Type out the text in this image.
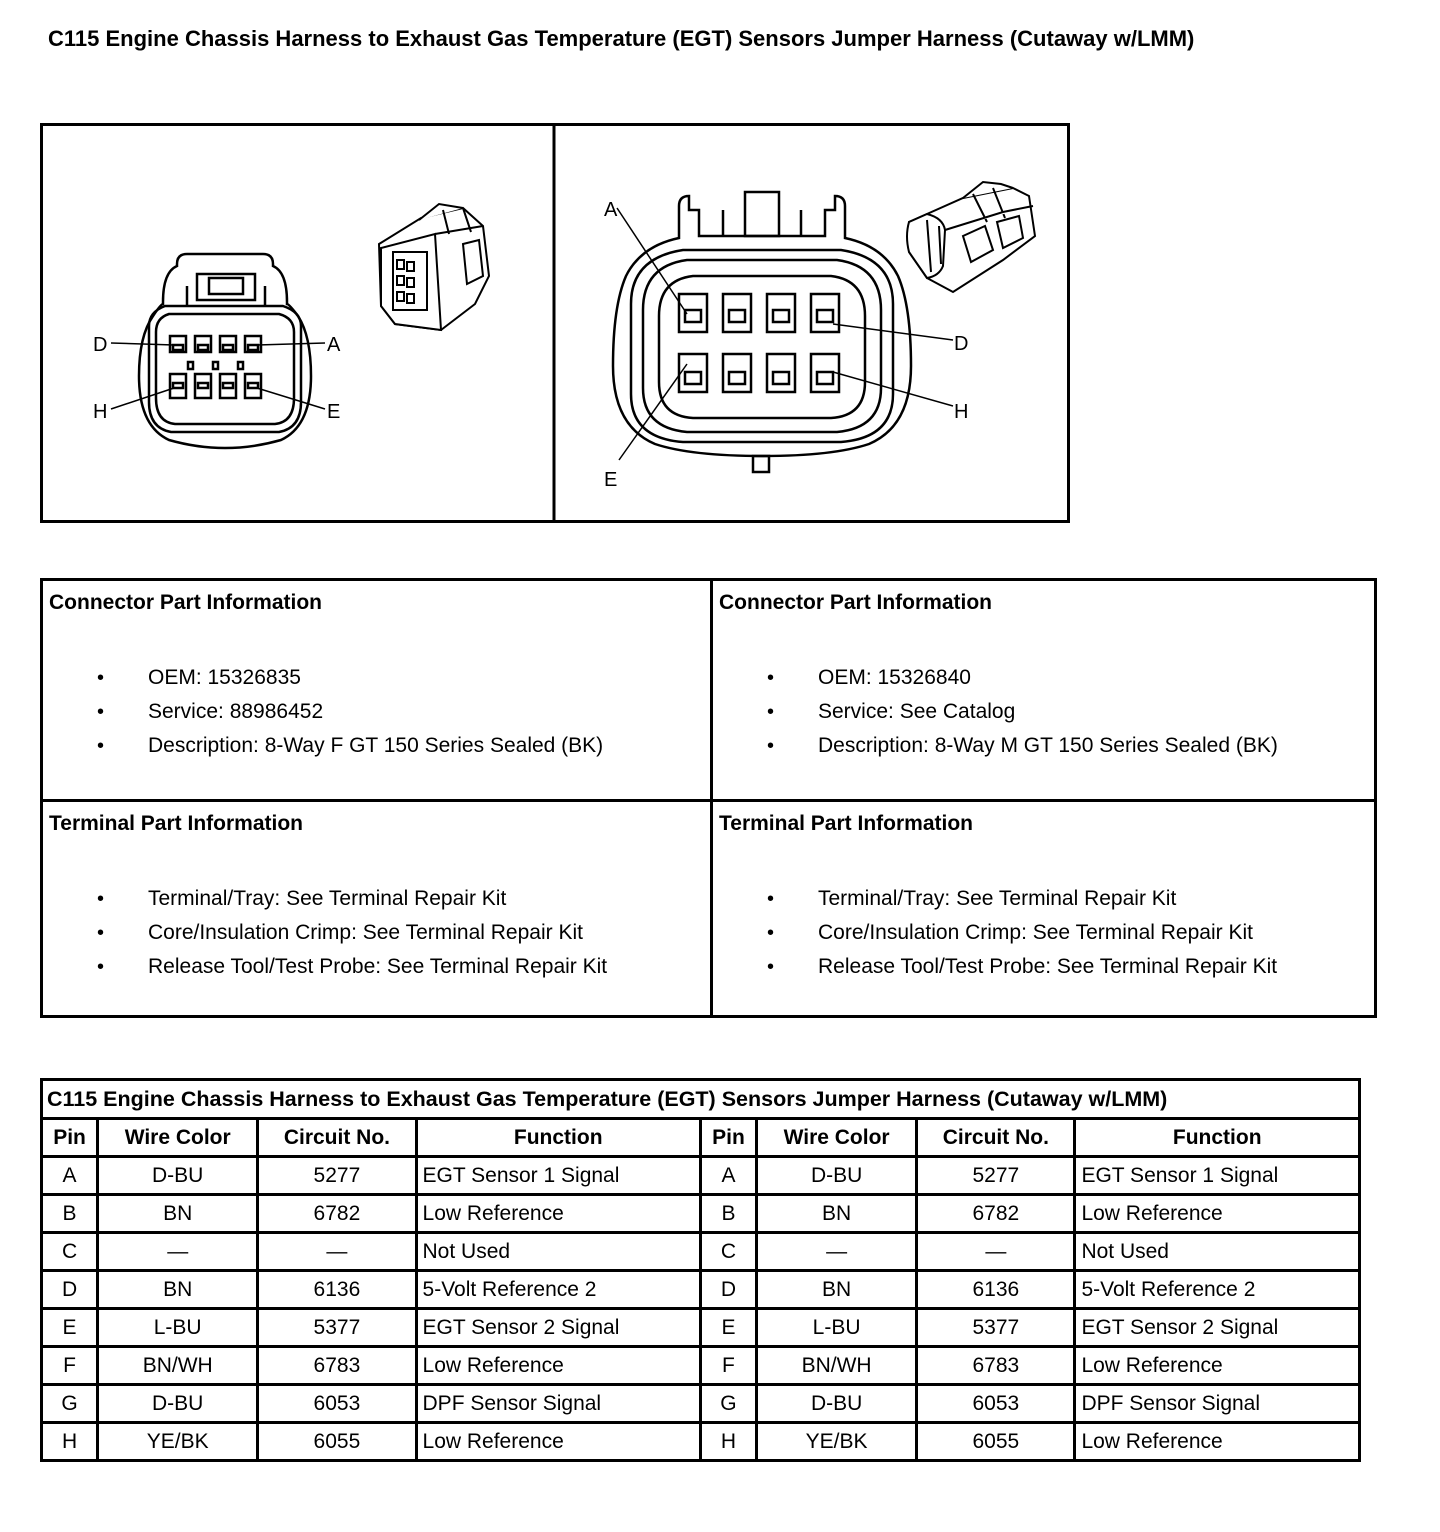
C115 Engine Chassis Harness to Exhaust Gas Temperature (EGT) Sensors Jumper Harness (Cutaway w/LMM)
D	A
H	E
A
D
H
E
Connector Part Information
• OEM: 15326835
• Service: 88986452
• Description: 8-Way F GT 150 Series Sealed (BK)
Connector Part Information
• OEM: 15326840
• Service: See Catalog
• Description: 8-Way M GT 150 Series Sealed (BK)
Terminal Part Information
• Terminal/Tray: See Terminal Repair Kit
• Core/Insulation Crimp: See Terminal Repair Kit
• Release Tool/Test Probe: See Terminal Repair Kit
Terminal Part Information
• Terminal/Tray: See Terminal Repair Kit
• Core/Insulation Crimp: See Terminal Repair Kit
• Release Tool/Test Probe: See Terminal Repair Kit
C115 Engine Chassis Harness to Exhaust Gas Temperature (EGT) Sensors Jumper Harness (Cutaway w/LMM)							
Pin	Wire Color	Circuit No.	Function	Pin	Wire Color	Circuit No.	Function
A	D-BU	5277	EGT Sensor 1 Signal	A	D-BU	5277	EGT Sensor 1 Signal
B	BN	6782	Low Reference	B	BN	6782	Low Reference
C	—	—	Not Used	C	—	—	Not Used
D	BN	6136	5-Volt Reference 2	D	BN	6136	5-Volt Reference 2
E	L-BU	5377	EGT Sensor 2 Signal	E	L-BU	5377	EGT Sensor 2 Signal
F	BN/WH	6783	Low Reference	F	BN/WH	6783	Low Reference
G	D-BU	6053	DPF Sensor Signal	G	D-BU	6053	DPF Sensor Signal
H	YE/BK	6055	Low Reference	H	YE/BK	6055	Low Reference
